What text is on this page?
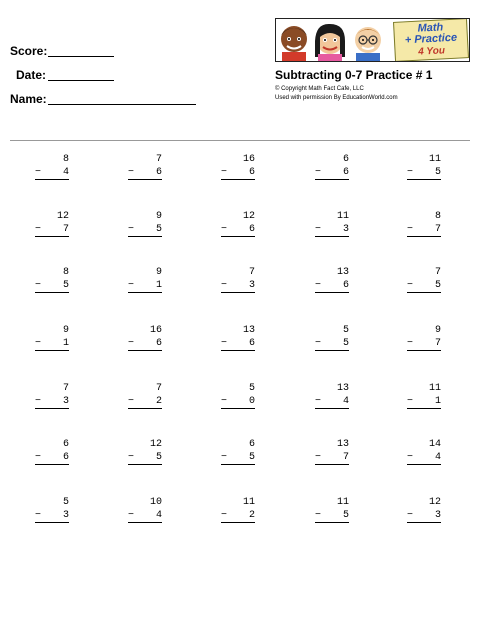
Score:
Date:
Name:
Math
+ Practice
4 You
Subtracting 0-7 Practice # 1
© Copyright Math Fact Cafe, LLC
Used with permission By EducationWorld.com
8
− 4
7
− 6
16
− 6
6
− 6
11
− 5
12
− 7
9
− 5
12
− 6
11
− 3
8
− 7
8
− 5
9
− 1
7
− 3
13
− 6
7
− 5
9
− 1
16
− 6
13
− 6
5
− 5
9
− 7
7
− 3
7
− 2
5
− 0
13
− 4
11
− 1
6
− 6
12
− 5
6
− 5
13
− 7
14
− 4
5
− 3
10
− 4
11
− 2
11
− 5
12
− 3
